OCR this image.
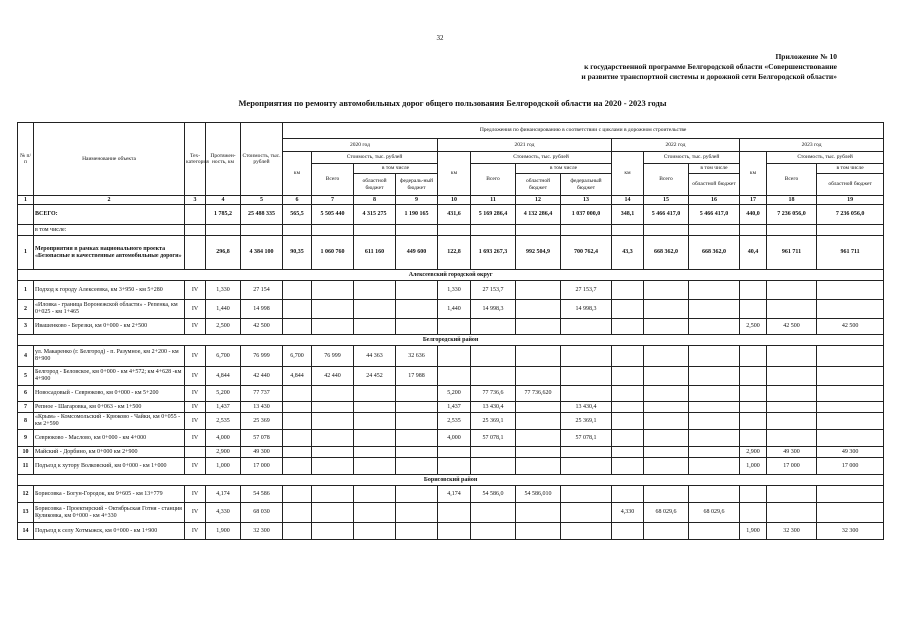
32
Приложение № 10
к государственной программе Белгородской области «Совершенствование
и развитие транспортной системы и дорожной сети Белгородской области»
Мероприятия по ремонту автомобильных дорог общего пользования Белгородской области на 2020 - 2023 годы
№ п/п	Наименование объекта	Тех-категория	Протяжен-ность, км	Стоимость, тыс. рублей	Предложения по финансированию в соответствии с циклами в дорожном строительстве													
					2020 год				2021 год				2022 год			2023 год		
					км	Стоимость, тыс. рублей			км	Стоимость, тыс. рублей			км	Стоимость, тыс. рублей		км	Стоимость, тыс. рублей	
						Всего	в том числе			Всего	в том числе			Всего	в том числе		Всего	в том числе
							областной бюджет	федераль-ный бюджет			областной бюджет	федеральный бюджет			областной бюджет			областной бюджет
1	2	3	4	5	6	7	8	9	10	11	12	13	14	15	16	17	18	19
	ВСЕГО:		1 785,2	25 488 335	565,5	5 505 440	4 315 275	1 190 165	431,6	5 169 286,4	4 132 286,4	1 037 000,0	348,1	5 466 417,0	5 466 417,0	440,0	7 236 056,0	7 236 056,0
	в том числе:																	
1	Мероприятия в рамках национального проекта «Безопасные и качественные автомобильные дороги»		296,8	4 384 100	90,35	1 060 760	611 160	449 600	122,8	1 693 267,3	992 504,9	700 762,4	43,3	668 362,0	668 362,0	40,4	961 711	961 711
Алексеевский городской округ																		
1	Подход к городу Алексеевка, км 3+950 - км 5+280	IV	1,330	27 154					1,330	27 153,7		27 153,7						
2	«Иловка - граница Воронежской области» - Репенка, км 0+025 - км 1+465	IV	1,440	14 998					1,440	14 998,3		14 998,3						
3	Ивашенково - Березки, км 0+000 - км 2+500	IV	2,500	42 500												2,500	42 500	42 500
Белгородский район																		
4	ул. Макаренко (г. Белгород) - п. Разумное, км 2+200 - км 8+900	IV	6,700	76 999	6,700	76 999	44 363	32 636										
5	Белгород - Беловское, км 0+000 - км 4+572; км 4+628 -км 4+900	IV	4,844	42 440	4,844	42 440	24 452	17 988										
6	Новосадовый - Севрюково, км 0+000 - км 5+200	IV	5,200	77 737					5,200	77 736,6	77 736,620							
7	Репное - Шагаровка, км 0+063 - км 1+500	IV	1,437	13 430					1,437	13 430,4		13 430,4						
8	«Крым» - Комсомольский - Крюково - Чайки, км 0+055 - км 2+590	IV	2,535	25 369					2,535	25 369,1		25 369,1						
9	Севрюково - Маслово, км 0+000 - км 4+000	IV	4,000	57 078					4,000	57 078,1		57 078,1						
10	Майский - Дорбино, км 0+000 км 2+900		2,900	49 300												2,900	49 300	49 300
11	Подъезд к хутору Волковский, км 0+000 - км 1+000	IV	1,000	17 000												1,000	17 000	17 000
Борисовский район																		
12	Борисовка - Богун-Городок, км 9+605 - км 13+779	IV	4,174	54 586					4,174	54 586,0	54 586,010							
13	Борисовка - Проектирский - Октябрьская Готня - станция Куликовка, км 0+000 - км 4+330	IV	4,330	68 030									4,330	68 029,6	68 029,6			
14	Подъезд к селу Хотмыжск, км 0+000 - км 1+900	IV	1,900	32 300												1,900	32 300	32 300
